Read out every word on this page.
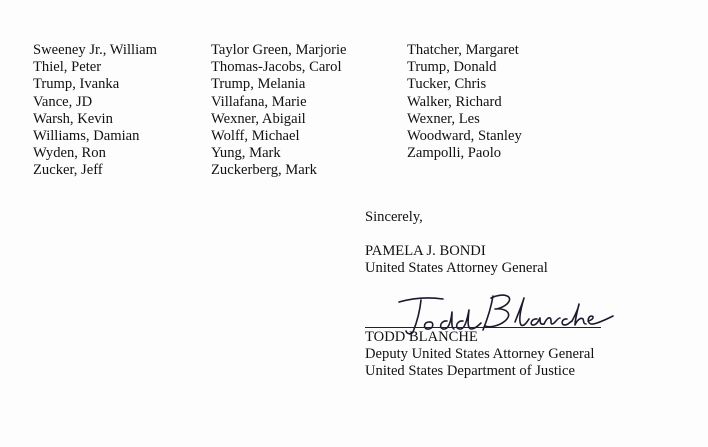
Sweeney Jr., William
Thiel, Peter
Trump, Ivanka
Vance, JD
Warsh, Kevin
Williams, Damian
Wyden, Ron
Zucker, Jeff
Taylor Green, Marjorie
Thomas-Jacobs, Carol
Trump, Melania
Villafana, Marie
Wexner, Abigail
Wolff, Michael
Yung, Mark
Zuckerberg, Mark
Thatcher, Margaret
Trump, Donald
Tucker, Chris
Walker, Richard
Wexner, Les
Woodward, Stanley
Zampolli, Paolo
Sincerely,
PAMELA J. BONDI
United States Attorney General
TODD BLANCHE
Deputy United States Attorney General
United States Department of Justice
